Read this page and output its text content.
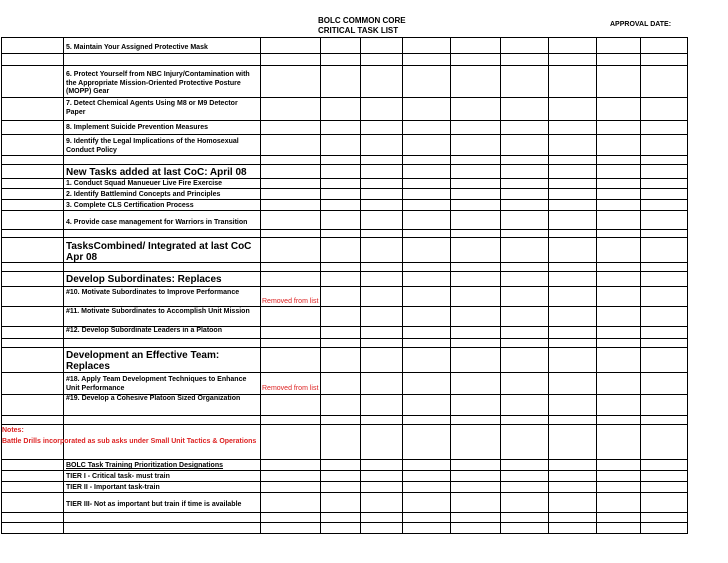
BOLC COMMON CORE
CRITICAL TASK LIST
APPROVAL DATE:
5. Maintain Your Assigned Protective Mask
6. Protect Yourself from NBC Injury/Contamination with the Appropriate Mission-Oriented Protective Posture (MOPP) Gear
7. Detect Chemical Agents Using M8 or M9 Detector Paper
8. Implement Suicide Prevention Measures
9. Identify the Legal Implications of the Homosexual Conduct Policy
New Tasks added at last CoC: April 08
1. Conduct Squad Manueuer Live Fire Exercise
2. Identify Battlemind Concepts and Principles
3. Complete CLS Certification Process
4. Provide case management for Warriors in Transition
TasksCombined/ Integrated at last CoC Apr 08
Develop Subordinates: Replaces
#10. Motivate Subordinates to Improve Performance
Removed from list
#11. Motivate Subordinates to Accomplish Unit Mission
#12. Develop Subordinate Leaders in a Platoon
Development an Effective Team: Replaces
#18. Apply Team Development Techniques to Enhance Unit Performance	Removed from list
#19. Develop a Cohesive Platoon Sized Organization
Notes:
Battle Drills incorporated as sub asks under Small Unit Tactics & Operations
BOLC Task Training Prioritization Designations
TIER I - Critical task- must train
TIER II - Important task-train
TIER III- Not as important but train if time is available
